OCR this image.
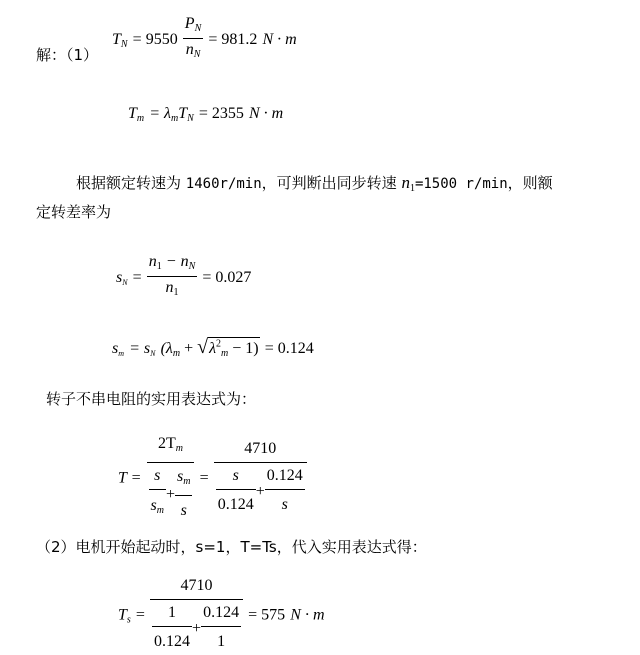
$T_N = 9550 \frac{P_N}{n_N} = 981.2$ N · m
解：（1）
$T_m = \lambda_mT_N = 2355$ N · m
根据额定转速为 1460r/min，可判断出同步转速 $n_1=1500$ r/min，则额
定转差率为
$s_N = \frac{n_1 - n_N}{n_1} = 0.027$
$s_m = s_N$ $(\lambda_m + √\lambda^2_m - 1) = 0.124$
转子不串电阻的实用表达式为：
$T = \frac{2T_m}{\frac{s}{s_m} + \frac{s_m}{s}} = \frac{4710}{\frac{s}{0.124} + \frac{0.124}{s}}$
（2）电机开始起动时，s=1，T=Ts，代入实用表达式得：
$T_s = \frac{4710}{\frac{1}{0.124} + \frac{0.124}{1}} = 575$ N · m
